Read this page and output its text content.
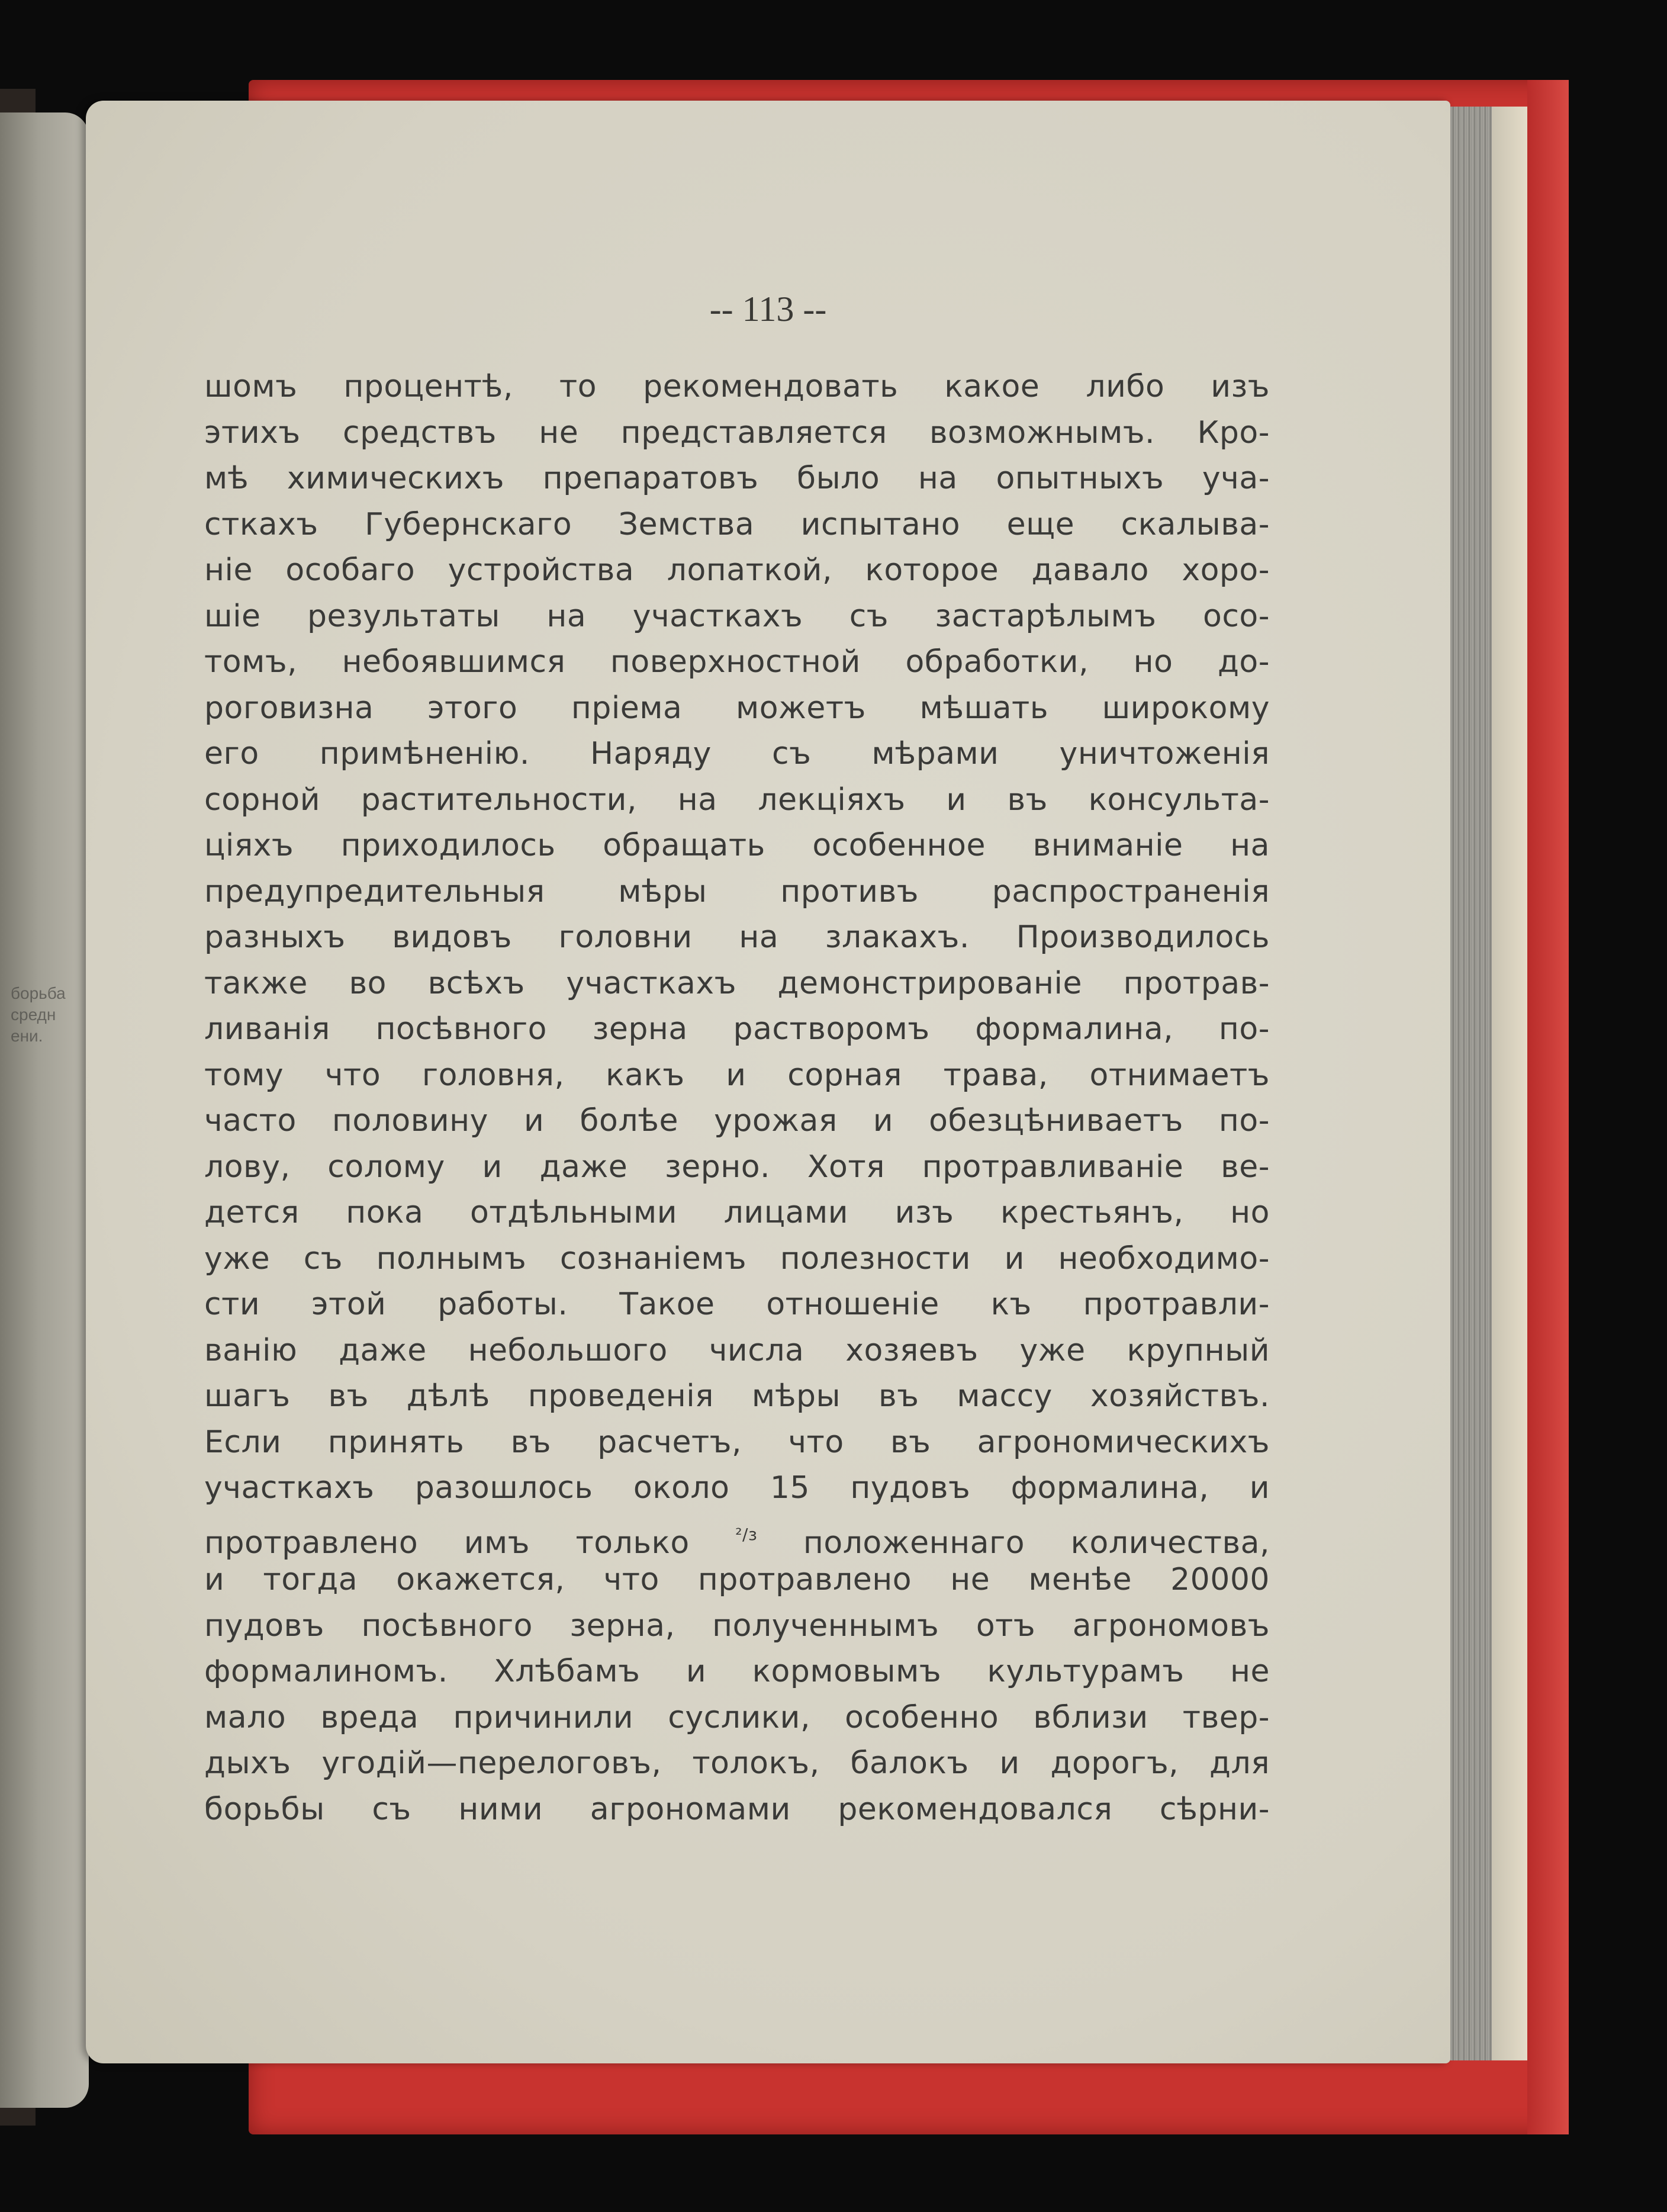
борьба
средн
ени.
-- 113 --
шомъ процентѣ, то рекомендовать какое либо изъ
этихъ средствъ не представляется возможнымъ. Кро-
мѣ химическихъ препаратовъ было на опытныхъ уча-
сткахъ Губернскаго Земства испытано еще скалыва-
ніе особаго устройства лопаткой, которое давало хоро-
шіе результаты на участкахъ съ застарѣлымъ осо-
томъ, небоявшимся поверхностной обработки, но до-
роговизна этого пріема можетъ мѣшать широкому
его примѣненію. Наряду съ мѣрами уничтоженія
сорной растительности, на лекціяхъ и въ консульта-
ціяхъ приходилось обращать особенное вниманіе на
предупредительныя мѣры противъ распространенія
разныхъ видовъ головни на злакахъ. Производилось
также во всѣхъ участкахъ демонстрированіе протрав-
ливанія посѣвного зерна растворомъ формалина, по-
тому что головня, какъ и сорная трава, отнимаетъ
часто половину и болѣе урожая и обезцѣниваетъ по-
лову, солому и даже зерно. Хотя протравливаніе ве-
дется пока отдѣльными лицами изъ крестьянъ, но
уже съ полнымъ сознаніемъ полезности и необходимо-
сти этой работы. Такое отношеніе къ протравли-
ванію даже небольшого числа хозяевъ уже крупный
шагъ въ дѣлѣ проведенія мѣры въ массу хозяйствъ.
Если принять въ расчетъ, что въ агрономическихъ
участкахъ разошлось около 15 пудовъ формалина, и
протравлено имъ только	$^{^2/з}$ положеннаго количества,
и тогда окажется, что протравлено не менѣе 20000
пудовъ посѣвного зерна, полученнымъ отъ агрономовъ
формалиномъ. Хлѣбамъ и кормовымъ культурамъ не
мало вреда причинили суслики, особенно вблизи твер-
дыхъ угодій—перелоговъ, толокъ, балокъ и дорогъ, для
борьбы съ ними агрономами рекомендовался сѣрни-
